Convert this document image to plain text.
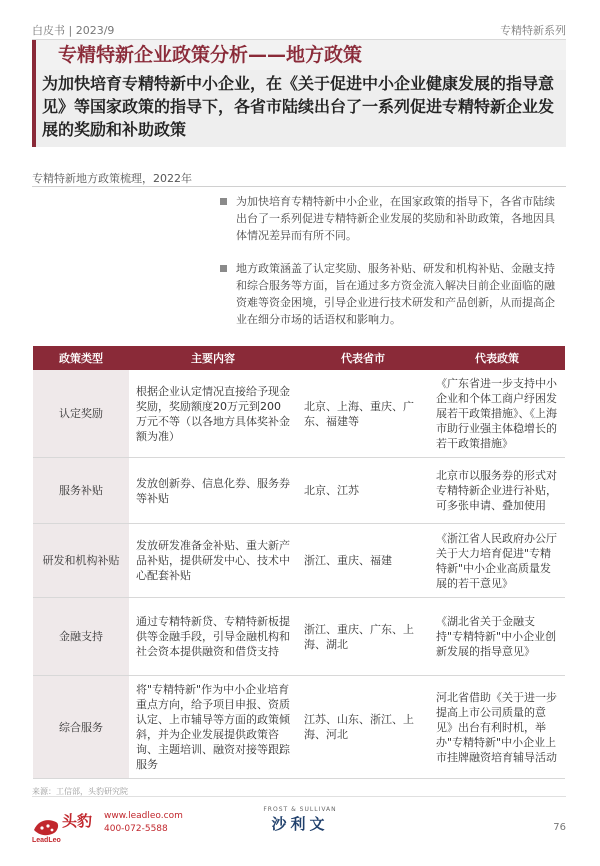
白皮书 | 2023/9	专精特新系列
专精特新企业政策分析——地方政策
为加快培育专精特新中小企业，在《关于促进中小企业健康发展的指导意见》等国家政策的指导下，各省市陆续出台了一系列促进专精特新企业发展的奖励和补助政策
专精特新地方政策梳理，2022年
为加快培育专精特新中小企业，在国家政策的指导下，各省市陆续出台了一系列促进专精特新企业发展的奖励和补助政策，各地因具体情况差异而有所不同。
地方政策涵盖了认定奖励、服务补贴、研发和机构补贴、金融支持和综合服务等方面，旨在通过多方资金流入解决目前企业面临的融资难等资金困境，引导企业进行技术研发和产品创新，从而提高企业在细分市场的话语权和影响力。
政策类型	主要内容	代表省市	代表政策
认定奖励	根据企业认定情况直接给予现金奖励，奖励额度20万元到200万元不等（以各地方具体奖补金额为准）	北京、上海、重庆、广东、福建等	《广东省进一步支持中小企业和个体工商户纾困发展若干政策措施》、《上海市助行业强主体稳增长的若干政策措施》
服务补贴	发放创新券、信息化券、服务券等补贴	北京、江苏	北京市以服务券的形式对专精特新企业进行补贴，可多张申请、叠加使用
研发和机构补贴	发放研发准备金补贴、重大新产品补贴，提供研发中心、技术中心配套补贴	浙江、重庆、福建	《浙江省人民政府办公厅关于大力培育促进"专精特新"中小企业高质量发展的若干意见》
金融支持	通过专精特新贷、专精特新板提供等金融手段，引导金融机构和社会资本提供融资和借贷支持	浙江、重庆、广东、上海、湖北	《湖北省关于金融支持"专精特新"中小企业创新发展的指导意见》
综合服务	将"专精特新"作为中小企业培育重点方向，给予项目申报、资质认定、上市辅导等方面的政策倾斜，并为企业发展提供政策咨询、主题培训、融资对接等跟踪服务	江苏、山东、浙江、上海、河北	河北省借助《关于进一步提高上市公司质量的意见》出台有利时机，举办"专精特新"中小企业上市挂牌融资培育辅导活动
来源：工信部，头豹研究院
LeadLeo
头豹 www.leadleo.com
400-072-5588
FROST & SULLIVAN
沙利文	76
